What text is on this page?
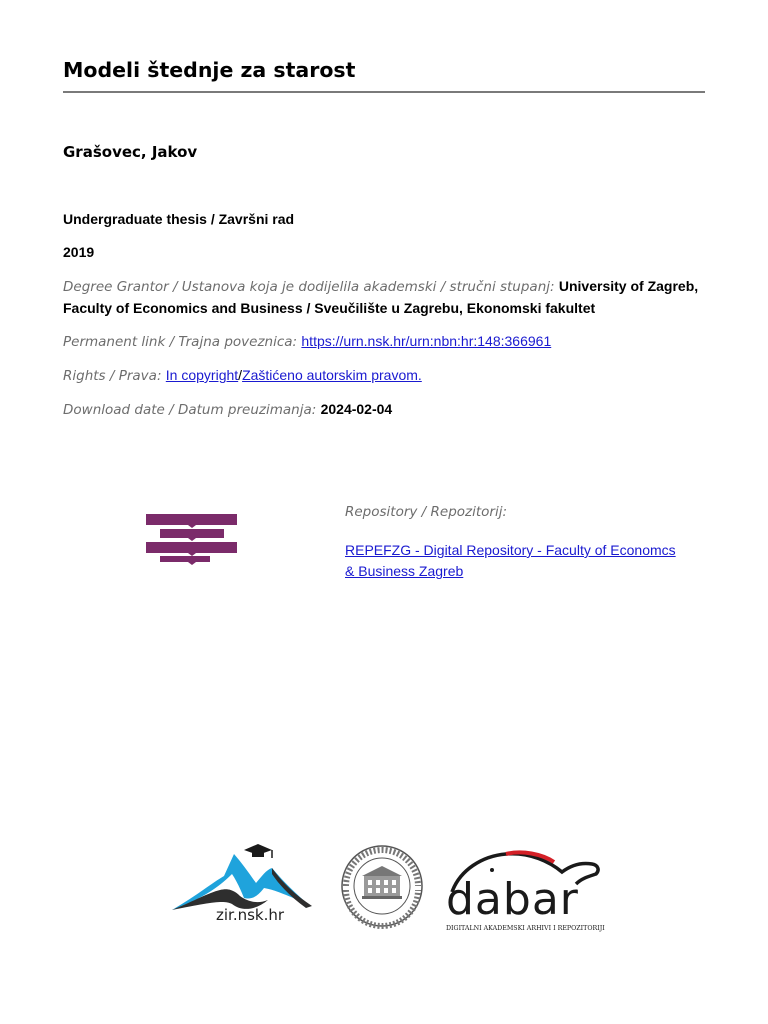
Modeli štednje za starost
Grašovec, Jakov
Undergraduate thesis / Završni rad
2019
Degree Grantor / Ustanova koja je dodijelila akademski / stručni stupanj: University of Zagreb, Faculty of Economics and Business / Sveučilište u Zagrebu, Ekonomski fakultet
Permanent link / Trajna poveznica: https://urn.nsk.hr/urn:nbn:hr:148:366961
Rights / Prava: In copyright/Zaštićeno autorskim pravom.
Download date / Datum preuzimanja: 2024-02-04
Repository / Repozitorij:
REPEFZG - Digital Repository - Faculty of Economcs & Business Zagreb
dabar
DIGITALNI AKADEMSKI ARHIVI I REPOZITORIJI
zir.nsk.hr
